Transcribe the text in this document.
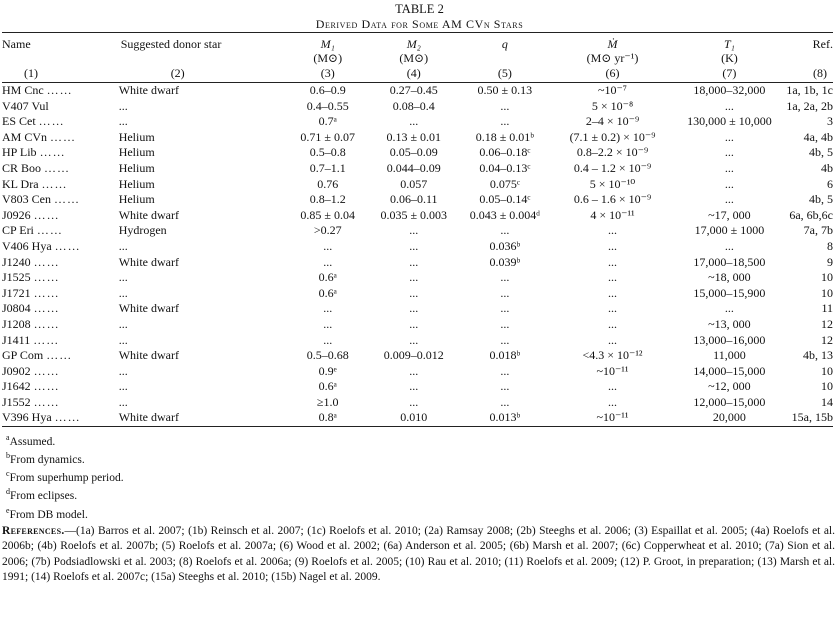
TABLE 2
Derived Data for Some AM CVn Stars
Name	Suggested donor star	M₁	M₂	q	Ṁ	T₁	Ref.
		(M⊙)	(M⊙)		(M⊙ yr⁻¹)	(K)	
(1)	(2)	(3)	(4)	(5)	(6)	(7)	(8)
HM Cnc ……	White dwarf	0.6–0.9	0.27–0.45	0.50 ± 0.13	~10⁻⁷	18,000–32,000	1a, 1b, 1c
V407 Vul	...	0.4–0.55	0.08–0.4	...	5 × 10⁻⁸	...	1a, 2a, 2b
ES Cet ……	...	0.7ᵃ	...	...	2–4 × 10⁻⁹	130,000 ± 10,000	3
AM CVn ……	Helium	0.71 ± 0.07	0.13 ± 0.01	0.18 ± 0.01ᵇ	(7.1 ± 0.2) × 10⁻⁹	...	4a, 4b
HP Lib ……	Helium	0.5–0.8	0.05–0.09	0.06–0.18ᶜ	0.8–2.2 × 10⁻⁹	...	4b, 5
CR Boo ……	Helium	0.7–1.1	0.044–0.09	0.04–0.13ᶜ	0.4 – 1.2 × 10⁻⁹	...	4b
KL Dra ……	Helium	0.76	0.057	0.075ᶜ	5 × 10⁻¹⁰	...	6
V803 Cen ……	Helium	0.8–1.2	0.06–0.11	0.05–0.14ᶜ	0.6 – 1.6 × 10⁻⁹	...	4b, 5
J0926 ……	White dwarf	0.85 ± 0.04	0.035 ± 0.003	0.043 ± 0.004ᵈ	4 × 10⁻¹¹	~17, 000	6a, 6b,6c
CP Eri ……	Hydrogen	>0.27	...	...	...	17,000 ± 1000	7a, 7b
V406 Hya ……	...	...	...	0.036ᵇ	...	...	8
J1240 ……	White dwarf	...	...	0.039ᵇ	...	17,000–18,500	9
J1525 ……	...	0.6ᵃ	...	...	...	~18, 000	10
J1721 ……	...	0.6ᵃ	...	...	...	15,000–15,900	10
J0804 ……	White dwarf	...	...	...	...	...	11
J1208 ……	...	...	...	...	...	~13, 000	12
J1411 ……	...	...	...	...	...	13,000–16,000	12
GP Com ……	White dwarf	0.5–0.68	0.009–0.012	0.018ᵇ	<4.3 × 10⁻¹²	11,000	4b, 13
J0902 ……	...	0.9ᵉ	...	...	~10⁻¹¹	14,000–15,000	10
J1642 ……	...	0.6ᵃ	...	...	...	~12, 000	10
J1552 ……	...	≥1.0	...	...	...	12,000–15,000	14
V396 Hya ……	White dwarf	0.8ᵃ	0.010	0.013ᵇ	~10⁻¹¹	20,000	15a, 15b
$^a$Assumed.
$^b$From dynamics.
$^c$From superhump period.
$^d$From eclipses.
$^e$From DB model.
References.—(1a) Barros et al. 2007; (1b) Reinsch et al. 2007; (1c) Roelofs et al. 2010; (2a) Ramsay 2008; (2b) Steeghs et al. 2006; (3) Espaillat et al. 2005; (4a) Roelofs et al. 2006b; (4b) Roelofs et al. 2007b; (5) Roelofs et al. 2007a; (6) Wood et al. 2002; (6a) Anderson et al. 2005; (6b) Marsh et al. 2007; (6c) Copperwheat et al. 2010; (7a) Sion et al. 2006; (7b) Podsiadlowski et al. 2003; (8) Roelofs et al. 2006a; (9) Roelofs et al. 2005; (10) Rau et al. 2010; (11) Roelofs et al. 2009; (12) P. Groot, in preparation; (13) Marsh et al. 1991; (14) Roelofs et al. 2007c; (15a) Steeghs et al. 2010; (15b) Nagel et al. 2009.
